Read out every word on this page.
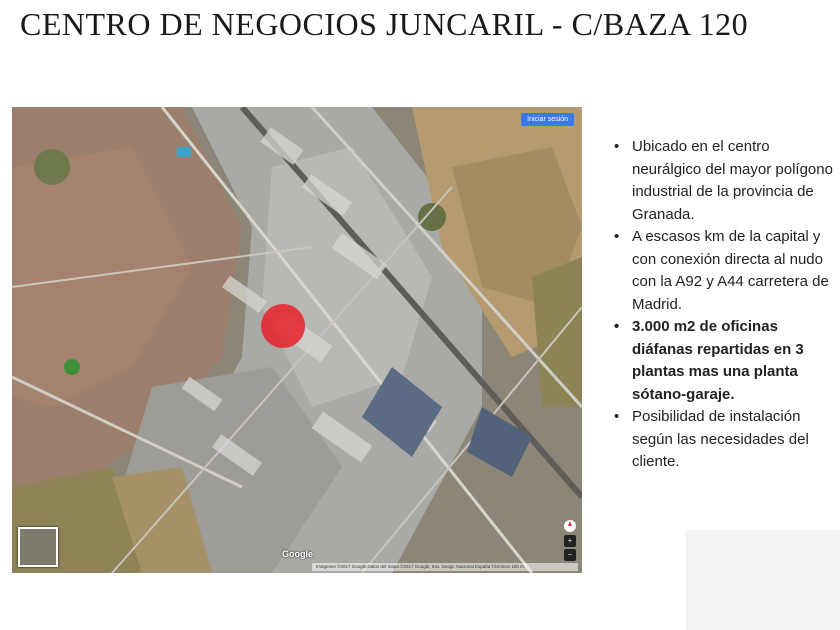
CENTRO DE NEGOCIOS JUNCARIL - C/BAZA 120
Iniciar sesión
+
−
Google
Imágenes ©2017 Google,Datos del mapa ©2017 Google, Inst. Geogr. Nacional España Términos 100 m
• Ubicado en el centro neurálgico del mayor polígono industrial de la provincia de Granada.
• A escasos km de la capital y con conexión directa al nudo con la A92 y A44 carretera de Madrid.
• 3.000 m2 de oficinas diáfanas repartidas en 3 plantas mas una planta sótano-garaje.
• Posibilidad de instalación según las necesidades del cliente.
